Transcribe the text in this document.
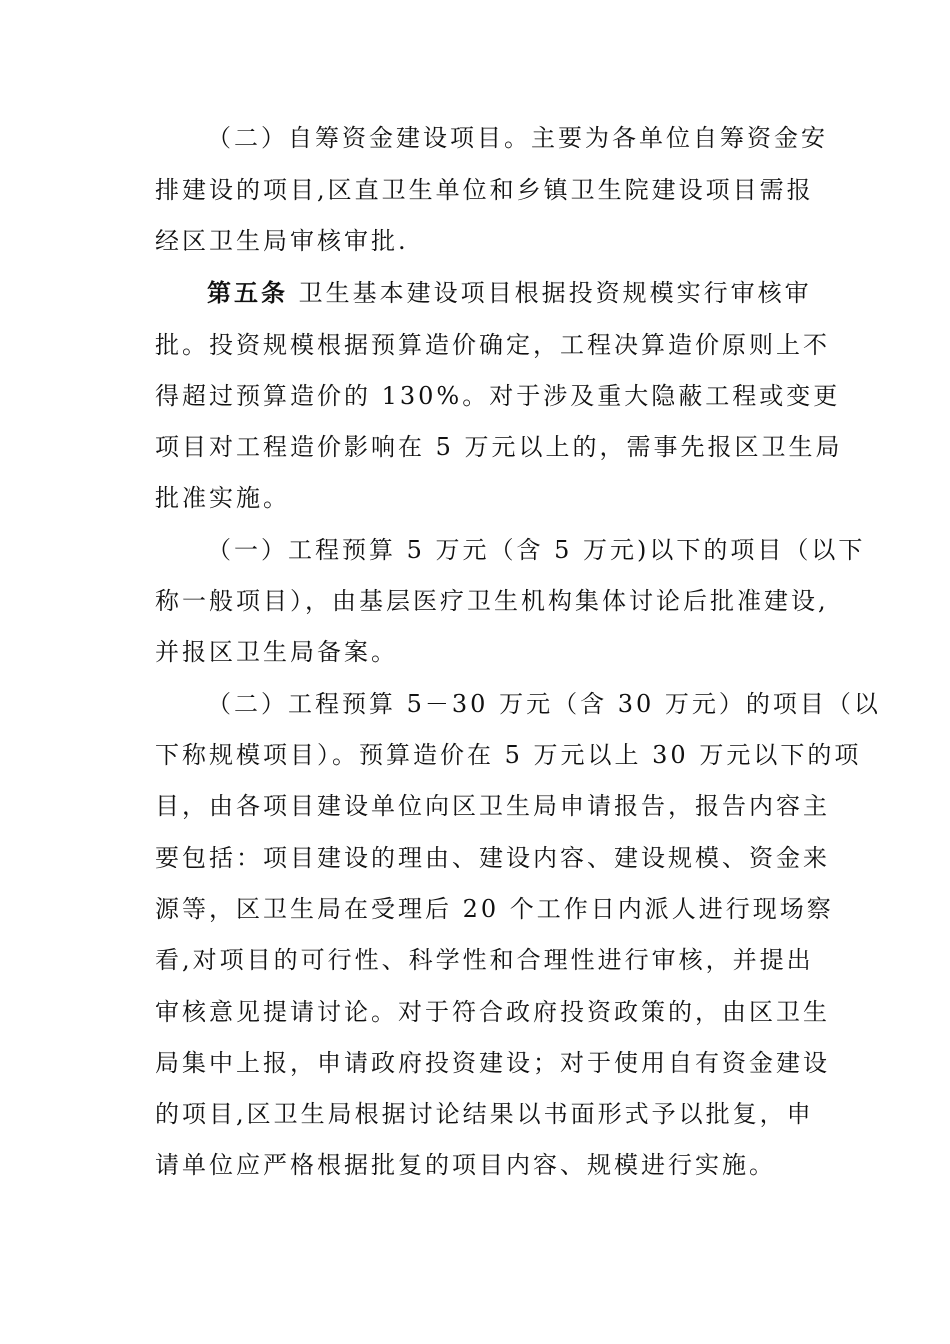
（二）自筹资金建设项目。主要为各单位自筹资金安
排建设的项目,区直卫生单位和乡镇卫生院建设项目需报
经区卫生局审核审批.
第五条 卫生基本建设项目根据投资规模实行审核审
批。投资规模根据预算造价确定，工程决算造价原则上不
得超过预算造价的 130%。对于涉及重大隐蔽工程或变更
项目对工程造价影响在 5 万元以上的，需事先报区卫生局
批准实施。
（一）工程预算 5 万元（含 5 万元)以下的项目（以下
称一般项目），由基层医疗卫生机构集体讨论后批准建设,
并报区卫生局备案。
（二）工程预算 5－30 万元（含 30 万元）的项目（以
下称规模项目）。预算造价在 5 万元以上 30 万元以下的项
目，由各项目建设单位向区卫生局申请报告，报告内容主
要包括：项目建设的理由、建设内容、建设规模、资金来
源等，区卫生局在受理后 20 个工作日内派人进行现场察
看,对项目的可行性、科学性和合理性进行审核，并提出
审核意见提请讨论。对于符合政府投资政策的，由区卫生
局集中上报，申请政府投资建设；对于使用自有资金建设
的项目,区卫生局根据讨论结果以书面形式予以批复，申
请单位应严格根据批复的项目内容、规模进行实施。
